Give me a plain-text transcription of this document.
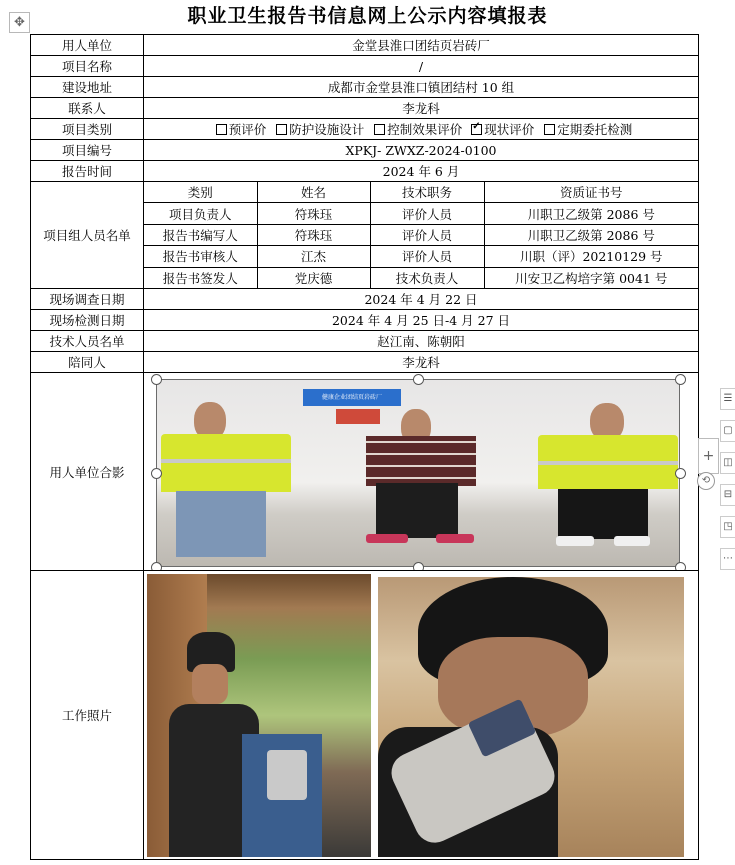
✥	职业卫生报告书信息网上公示内容填报表
用人单位	金堂县淮口团结页岩砖厂
项目名称	/
建设地址	成都市金堂县淮口镇团结村 10 组
联系人	李龙科
项目类别	预评价 防护设施设计 控制效果评价 ✓ 现状评价 定期委托检测
项目编号	XPKJ- ZWXZ-2024-0100
报告时间	2024 年 6 月
项目组人员名单	
类别	姓名	技术职务	资质证书号
项目负责人	符珠珏	评价人员	川职卫乙级第 2086 号
报告书编写人	符珠珏	评价人员	川职卫乙级第 2086 号
报告书审核人	江杰	评价人员	川职（评）20210129 号
报告书签发人	党庆德	技术负责人	川安卫乙构培字第 0041 号

现场调查日期	2024 年 4 月 22 日
现场检测日期	2024 年 4 月 25 日-4 月 27 日
技术人员名单	赵江南、陈朝阳
陪同人	李龙科
用人单位合影	
健康企业团结页岩砖厂

工作照片	
+
⟲
☰
▢
◫
⊟
◳
⋯
